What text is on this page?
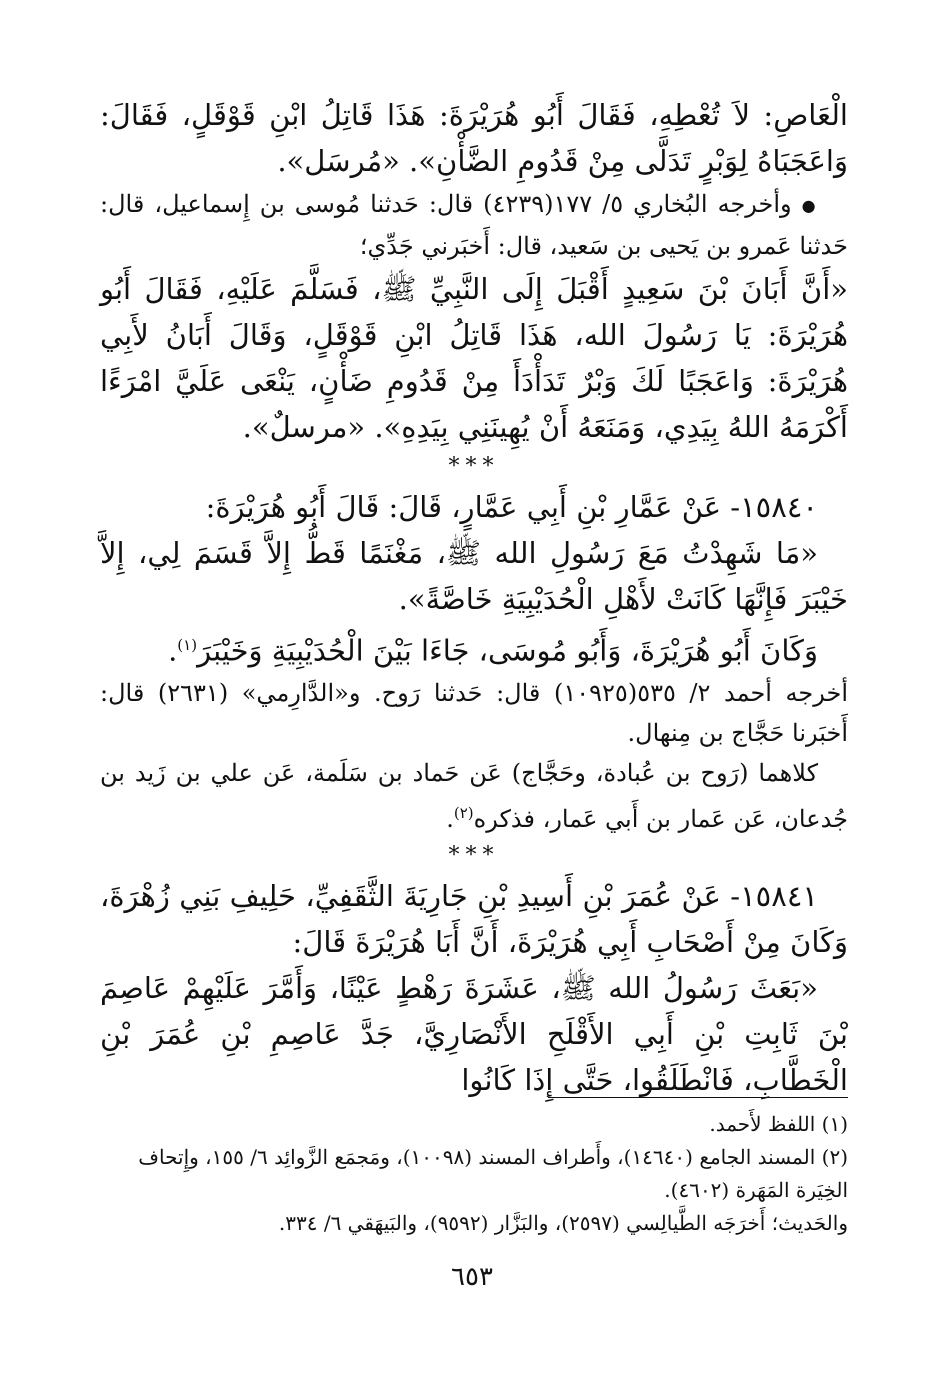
الْعَاصِ: لاَ تُعْطِهِ، فَقَالَ أَبُو هُرَيْرَةَ: هَذَا قَاتِلُ ابْنِ قَوْقَلٍ، فَقَالَ: وَاعَجَبَاهُ لِوَبْرٍ تَدَلَّى مِنْ قَدُومِ الضَّأْنِ». «مُرسَل».

● وأخرجه البُخاري ٥/ ١٧٧(٤٢٣٩) قال: حَدثنا مُوسى بن إِسماعيل، قال: حَدثنا عَمرو بن يَحيى بن سَعيد، قال: أَخبَرني جَدِّي؛

«أَنَّ أَبَانَ بْنَ سَعِيدٍ أَقْبَلَ إِلَى النَّبِيِّ ﷺ، فَسَلَّمَ عَلَيْهِ، فَقَالَ أَبُو هُرَيْرَةَ: يَا رَسُولَ الله، هَذَا قَاتِلُ ابْنِ قَوْقَلٍ، وَقَالَ أَبَانُ لأَبِي هُرَيْرَةَ: وَاعَجَبًا لَكَ وَبْرٌ تَدَأْدَأَ مِنْ قَدُومِ ضَأْنٍ، يَنْعَى عَلَيَّ امْرَءًا أَكْرَمَهُ اللهُ بِيَدِي، وَمَنَعَهُ أَنْ يُهِينَنِي بِيَدِهِ». «مرسلٌ».

***

١٥٨٤٠- عَنْ عَمَّارِ بْنِ أَبِي عَمَّارٍ، قَالَ: قَالَ أَبُو هُرَيْرَةَ:

«مَا شَهِدْتُ مَعَ رَسُولِ الله ﷺ، مَغْنَمًا قَطُّ إِلاَّ قَسَمَ لِي، إِلاَّ خَيْبَرَ فَإِنَّهَا كَانَتْ لأَهْلِ الْحُدَيْبِيَةِ خَاصَّةً».

وَكَانَ أَبُو هُرَيْرَةَ، وَأَبُو مُوسَى، جَاءَا بَيْنَ الْحُدَيْبِيَةِ وَخَيْبَرَ$^{(١)}$.

أخرجه أحمد ٢/ ٥٣٥(١٠٩٢٥) قال: حَدثنا رَوح. و«الدَّارِمي» (٢٦٣١) قال: أَخبَرنا حَجَّاج بن مِنهال.

كلاهما (رَوح بن عُبادة، وحَجَّاج) عَن حَماد بن سَلَمة، عَن علي بن زَيد بن جُدعان، عَن عَمار بن أَبي عَمار، فذكره$^{(٢)}$.

***

١٥٨٤١- عَنْ عُمَرَ بْنِ أَسِيدِ بْنِ جَارِيَةَ الثَّقَفِيِّ، حَلِيفِ بَنِي زُهْرَةَ، وَكَانَ مِنْ أَصْحَابِ أَبِي هُرَيْرَةَ، أَنَّ أَبَا هُرَيْرَةَ قَالَ:

«بَعَثَ رَسُولُ الله ﷺ، عَشَرَةَ رَهْطٍ عَيْنًا، وَأَمَّرَ عَلَيْهِمْ عَاصِمَ بْنَ ثَابِتِ بْنِ أَبِي الأَقْلَحِ الأَنْصَارِيَّ، جَدَّ عَاصِمِ بْنِ عُمَرَ بْنِ الْخَطَّابِ، فَانْطَلَقُوا، حَتَّى إِذَا كَانُوا

(١) اللفظ لأَحمد.

(٢) المسند الجامع (١٤٦٤٠)، وأَطراف المسند (١٠٠٩٨)، ومَجمَع الزَّوائِد ٦/ ١٥٥، وإِتحاف الخِيَرة المَهَرة (٤٦٠٢).

والحَديث؛ أَخرَجَه الطَّيالِسي (٢٥٩٧)، والبَزَّار (٩٥٩٢)، والبَيهَقي ٦/ ٣٣٤.

٦٥٣
